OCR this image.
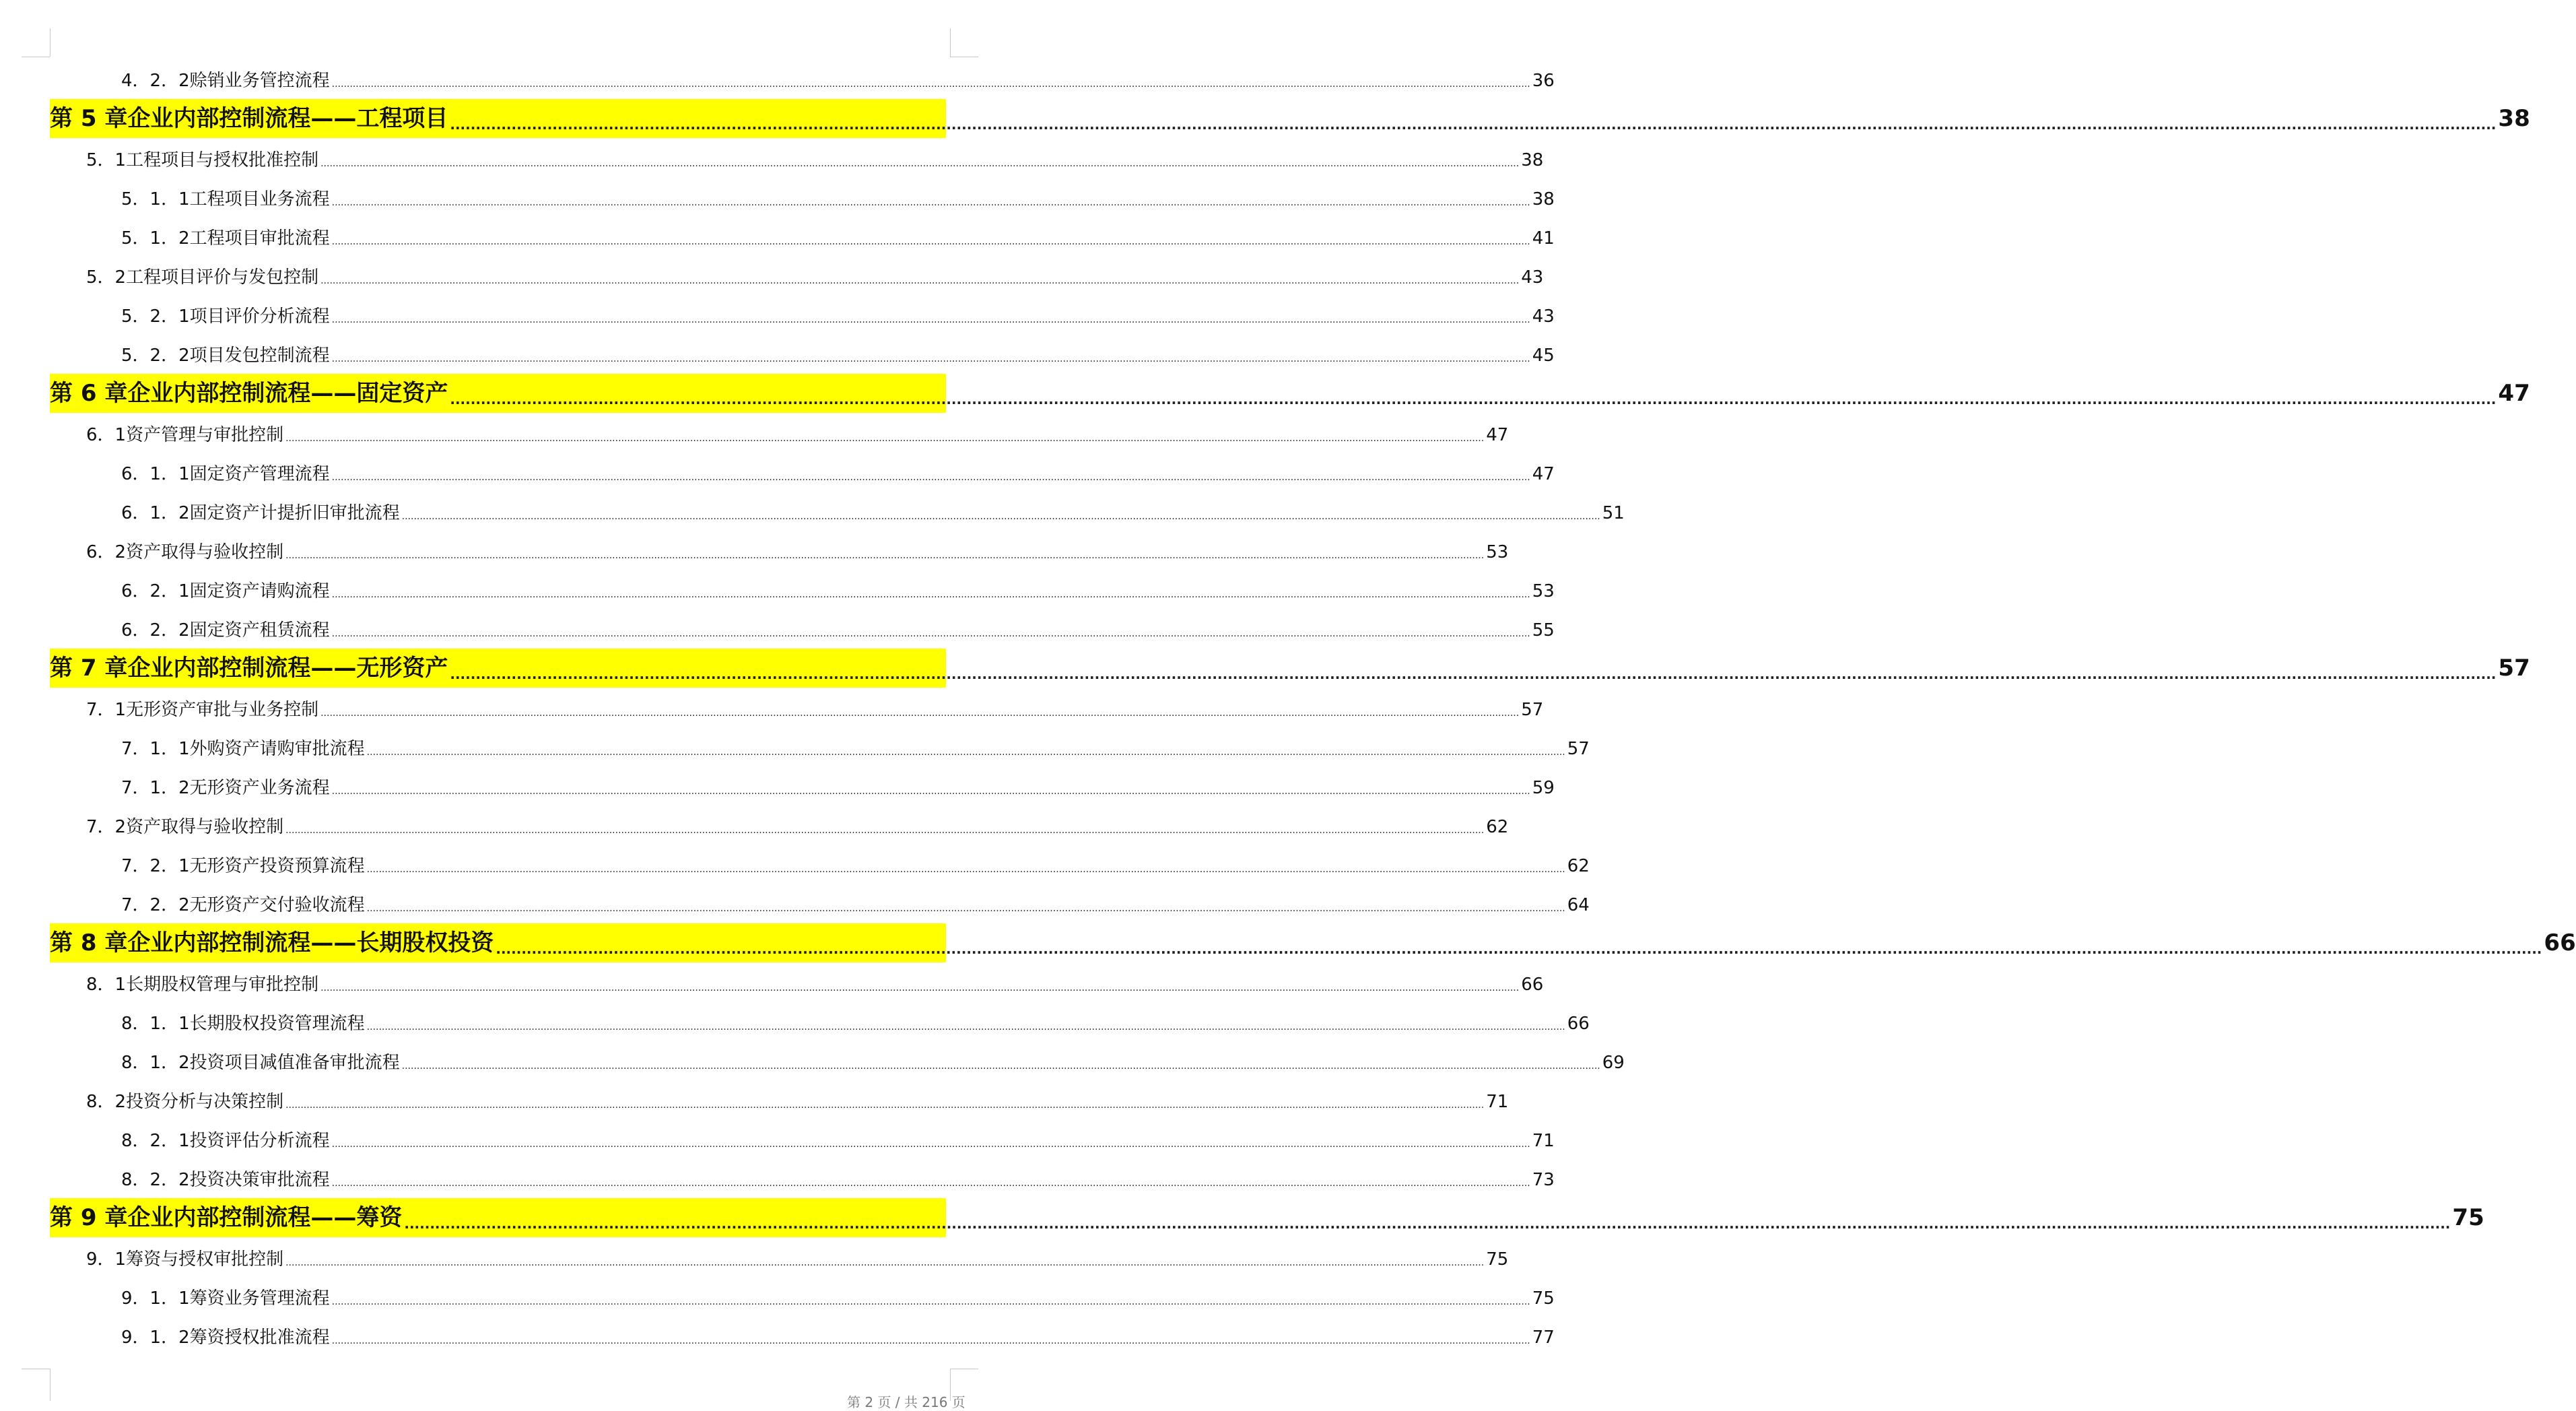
4．2．2 赊销业务管控流程 ................................................................................................................................................................................................................................................................................................................................................................................................................ 36
第 5 章 企业内部控制流程——工程项目 ................................................................................................................................................................................................................................................................................................................................................................................................................ 38
5．1 工程项目与授权批准控制 ................................................................................................................................................................................................................................................................................................................................................................................................................ 38
5．1．1 工程项目业务流程 ................................................................................................................................................................................................................................................................................................................................................................................................................ 38
5．1．2 工程项目审批流程 ................................................................................................................................................................................................................................................................................................................................................................................................................ 41
5．2 工程项目评价与发包控制 ................................................................................................................................................................................................................................................................................................................................................................................................................ 43
5．2．1 项目评价分析流程 ................................................................................................................................................................................................................................................................................................................................................................................................................ 43
5．2．2 项目发包控制流程 ................................................................................................................................................................................................................................................................................................................................................................................................................ 45
第 6 章 企业内部控制流程——固定资产 ................................................................................................................................................................................................................................................................................................................................................................................................................ 47
6．1 资产管理与审批控制 ................................................................................................................................................................................................................................................................................................................................................................................................................ 47
6．1．1 固定资产管理流程 ................................................................................................................................................................................................................................................................................................................................................................................................................ 47
6．1．2 固定资产计提折旧审批流程 ................................................................................................................................................................................................................................................................................................................................................................................................................ 51
6．2 资产取得与验收控制 ................................................................................................................................................................................................................................................................................................................................................................................................................ 53
6．2．1 固定资产请购流程 ................................................................................................................................................................................................................................................................................................................................................................................................................ 53
6．2．2 固定资产租赁流程 ................................................................................................................................................................................................................................................................................................................................................................................................................ 55
第 7 章 企业内部控制流程——无形资产 ................................................................................................................................................................................................................................................................................................................................................................................................................ 57
7．1 无形资产审批与业务控制 ................................................................................................................................................................................................................................................................................................................................................................................................................ 57
7．1．1 外购资产请购审批流程 ................................................................................................................................................................................................................................................................................................................................................................................................................ 57
7．1．2 无形资产业务流程 ................................................................................................................................................................................................................................................................................................................................................................................................................ 59
7．2 资产取得与验收控制 ................................................................................................................................................................................................................................................................................................................................................................................................................ 62
7．2．1 无形资产投资预算流程 ................................................................................................................................................................................................................................................................................................................................................................................................................ 62
7．2．2 无形资产交付验收流程 ................................................................................................................................................................................................................................................................................................................................................................................................................ 64
第 8 章 企业内部控制流程——长期股权投资 ................................................................................................................................................................................................................................................................................................................................................................................................................ 66
8．1 长期股权管理与审批控制 ................................................................................................................................................................................................................................................................................................................................................................................................................ 66
8．1．1 长期股权投资管理流程 ................................................................................................................................................................................................................................................................................................................................................................................................................ 66
8．1．2 投资项目减值准备审批流程 ................................................................................................................................................................................................................................................................................................................................................................................................................ 69
8．2 投资分析与决策控制 ................................................................................................................................................................................................................................................................................................................................................................................................................ 71
8．2．1 投资评估分析流程 ................................................................................................................................................................................................................................................................................................................................................................................................................ 71
8．2．2 投资决策审批流程 ................................................................................................................................................................................................................................................................................................................................................................................................................ 73
第 9 章 企业内部控制流程——筹资 ................................................................................................................................................................................................................................................................................................................................................................................................................ 75
9．1 筹资与授权审批控制 ................................................................................................................................................................................................................................................................................................................................................................................................................ 75
9．1．1 筹资业务管理流程 ................................................................................................................................................................................................................................................................................................................................................................................................................ 75
9．1．2 筹资授权批准流程 ................................................................................................................................................................................................................................................................................................................................................................................................................ 77
第 2 页 / 共 216 页
